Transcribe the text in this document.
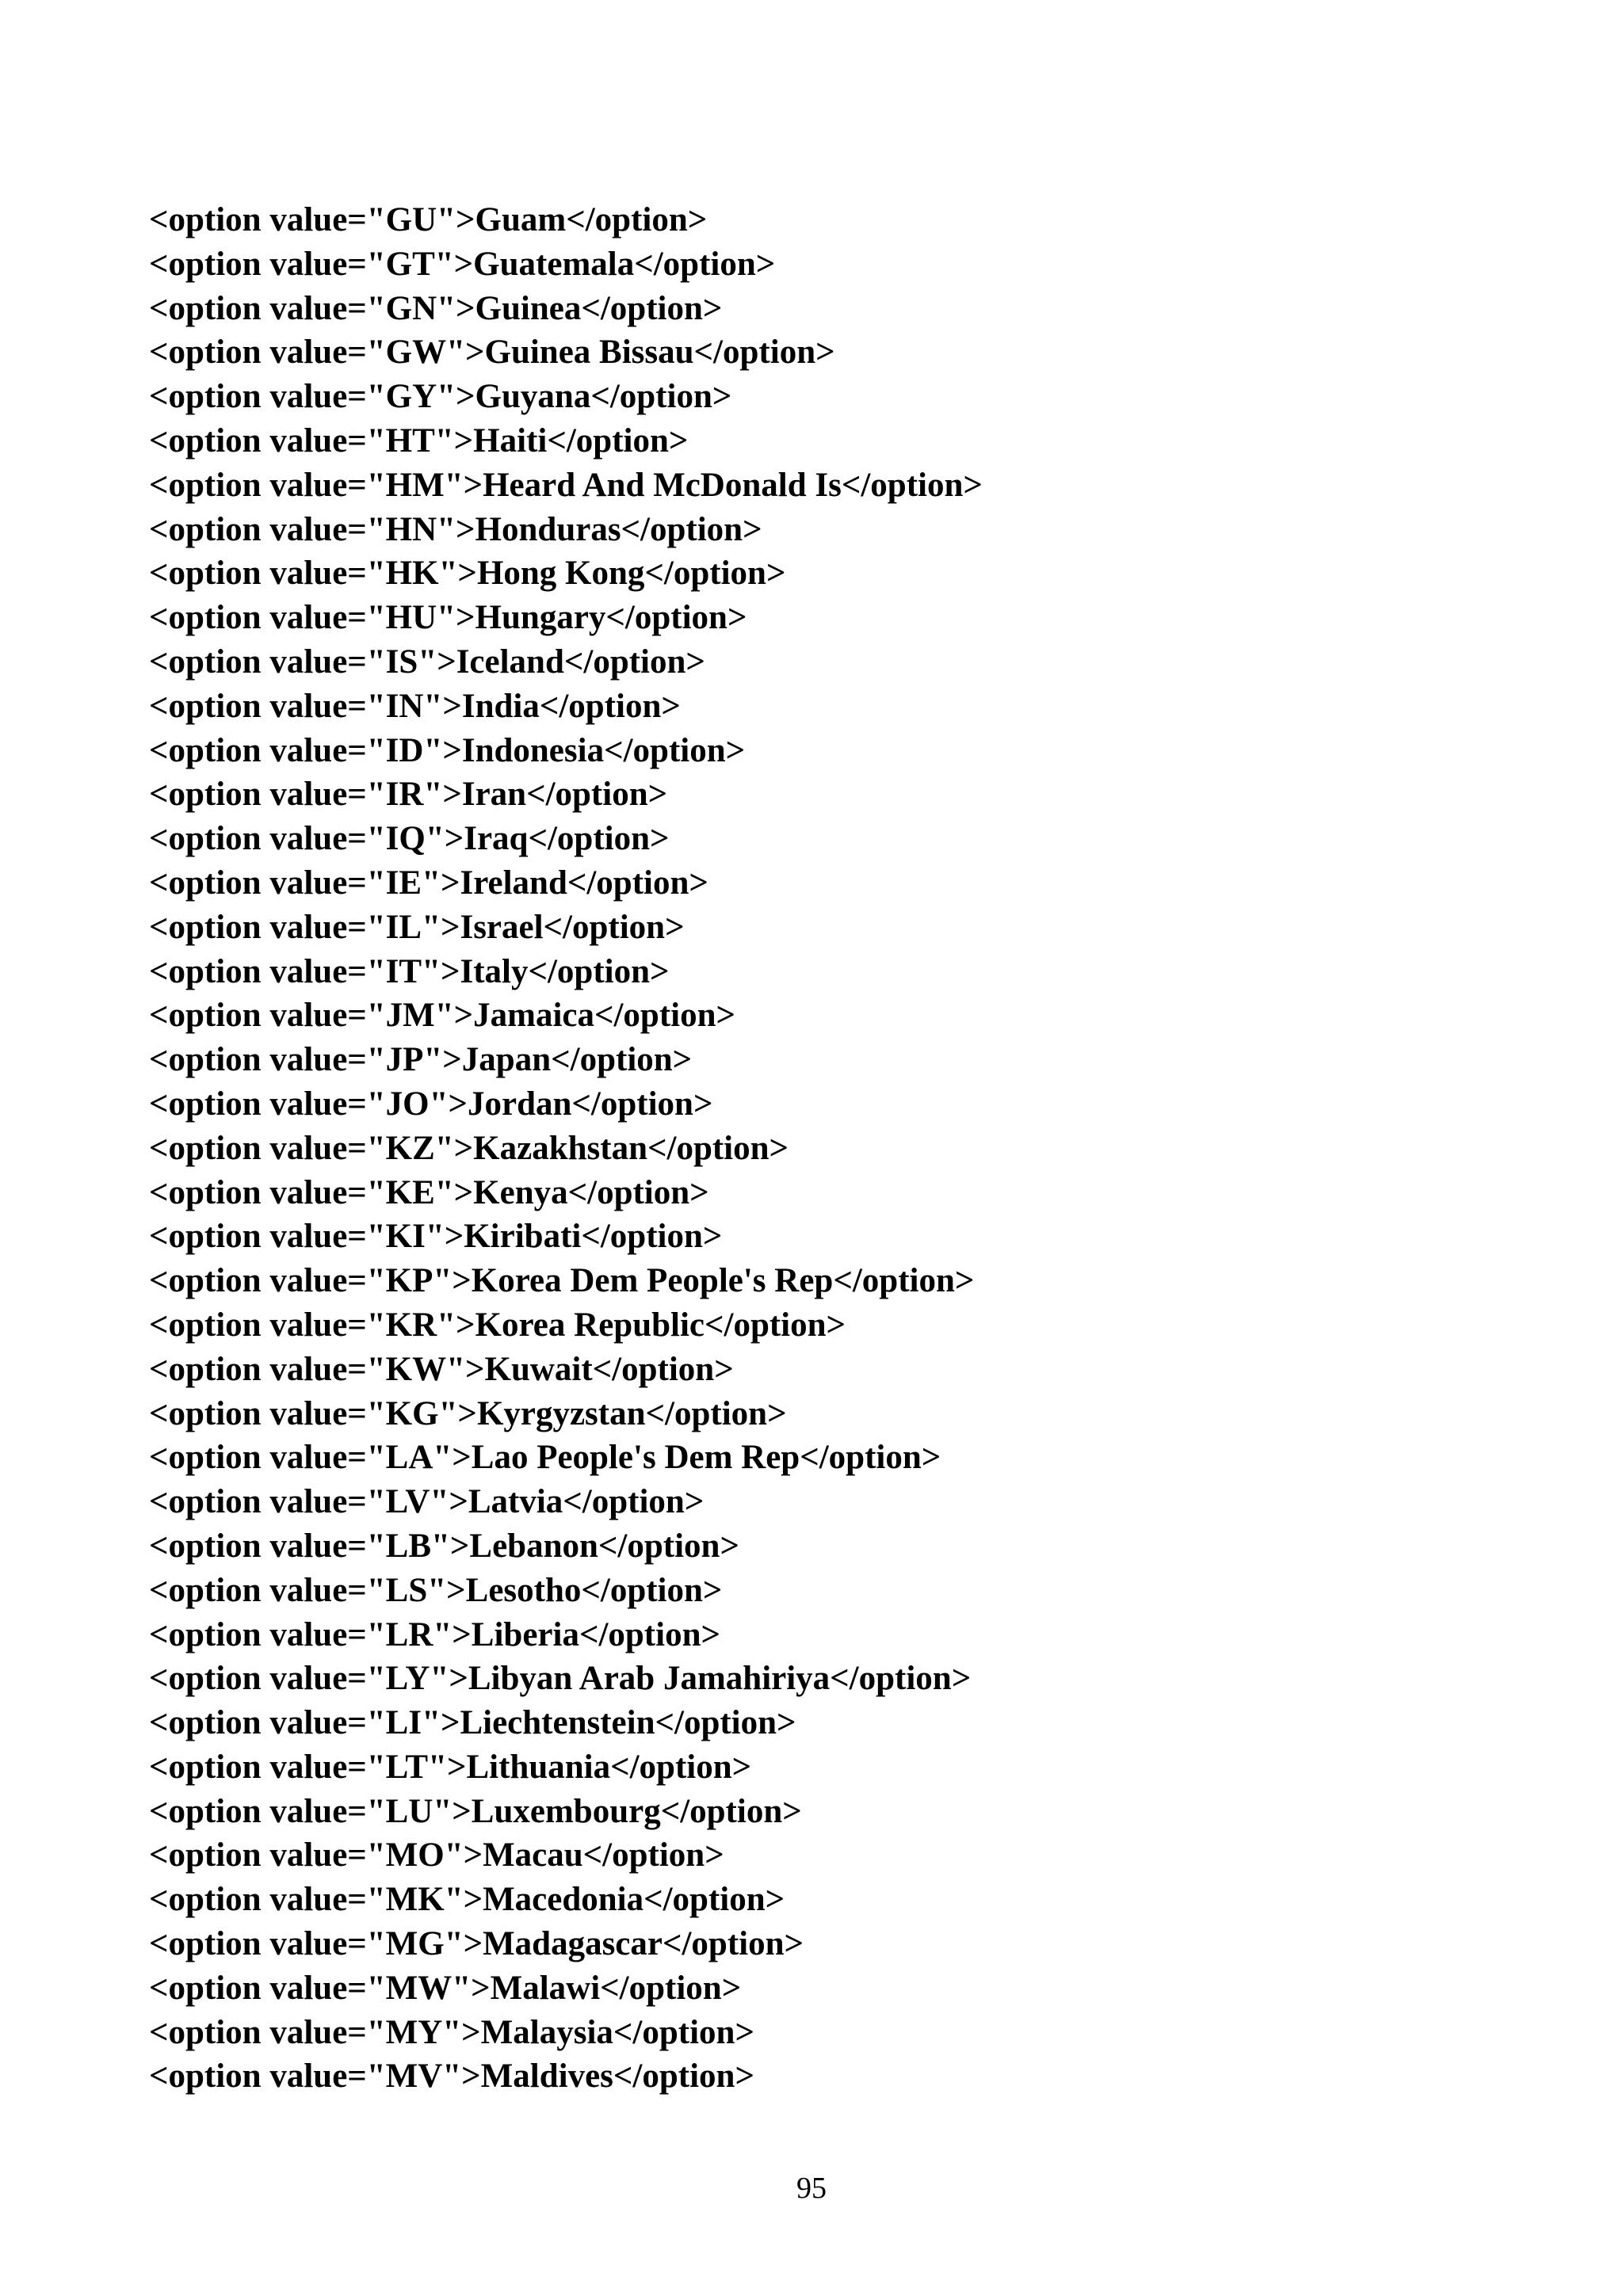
<option value="GU">Guam</option>
<option value="GT">Guatemala</option>
<option value="GN">Guinea</option>
<option value="GW">Guinea Bissau</option>
<option value="GY">Guyana</option>
<option value="HT">Haiti</option>
<option value="HM">Heard And McDonald Is</option>
<option value="HN">Honduras</option>
<option value="HK">Hong Kong</option>
<option value="HU">Hungary</option>
<option value="IS">Iceland</option>
<option value="IN">India</option>
<option value="ID">Indonesia</option>
<option value="IR">Iran</option>
<option value="IQ">Iraq</option>
<option value="IE">Ireland</option>
<option value="IL">Israel</option>
<option value="IT">Italy</option>
<option value="JM">Jamaica</option>
<option value="JP">Japan</option>
<option value="JO">Jordan</option>
<option value="KZ">Kazakhstan</option>
<option value="KE">Kenya</option>
<option value="KI">Kiribati</option>
<option value="KP">Korea Dem People's Rep</option>
<option value="KR">Korea Republic</option>
<option value="KW">Kuwait</option>
<option value="KG">Kyrgyzstan</option>
<option value="LA">Lao People's Dem Rep</option>
<option value="LV">Latvia</option>
<option value="LB">Lebanon</option>
<option value="LS">Lesotho</option>
<option value="LR">Liberia</option>
<option value="LY">Libyan Arab Jamahiriya</option>
<option value="LI">Liechtenstein</option>
<option value="LT">Lithuania</option>
<option value="LU">Luxembourg</option>
<option value="MO">Macau</option>
<option value="MK">Macedonia</option>
<option value="MG">Madagascar</option>
<option value="MW">Malawi</option>
<option value="MY">Malaysia</option>
<option value="MV">Maldives</option>
95
